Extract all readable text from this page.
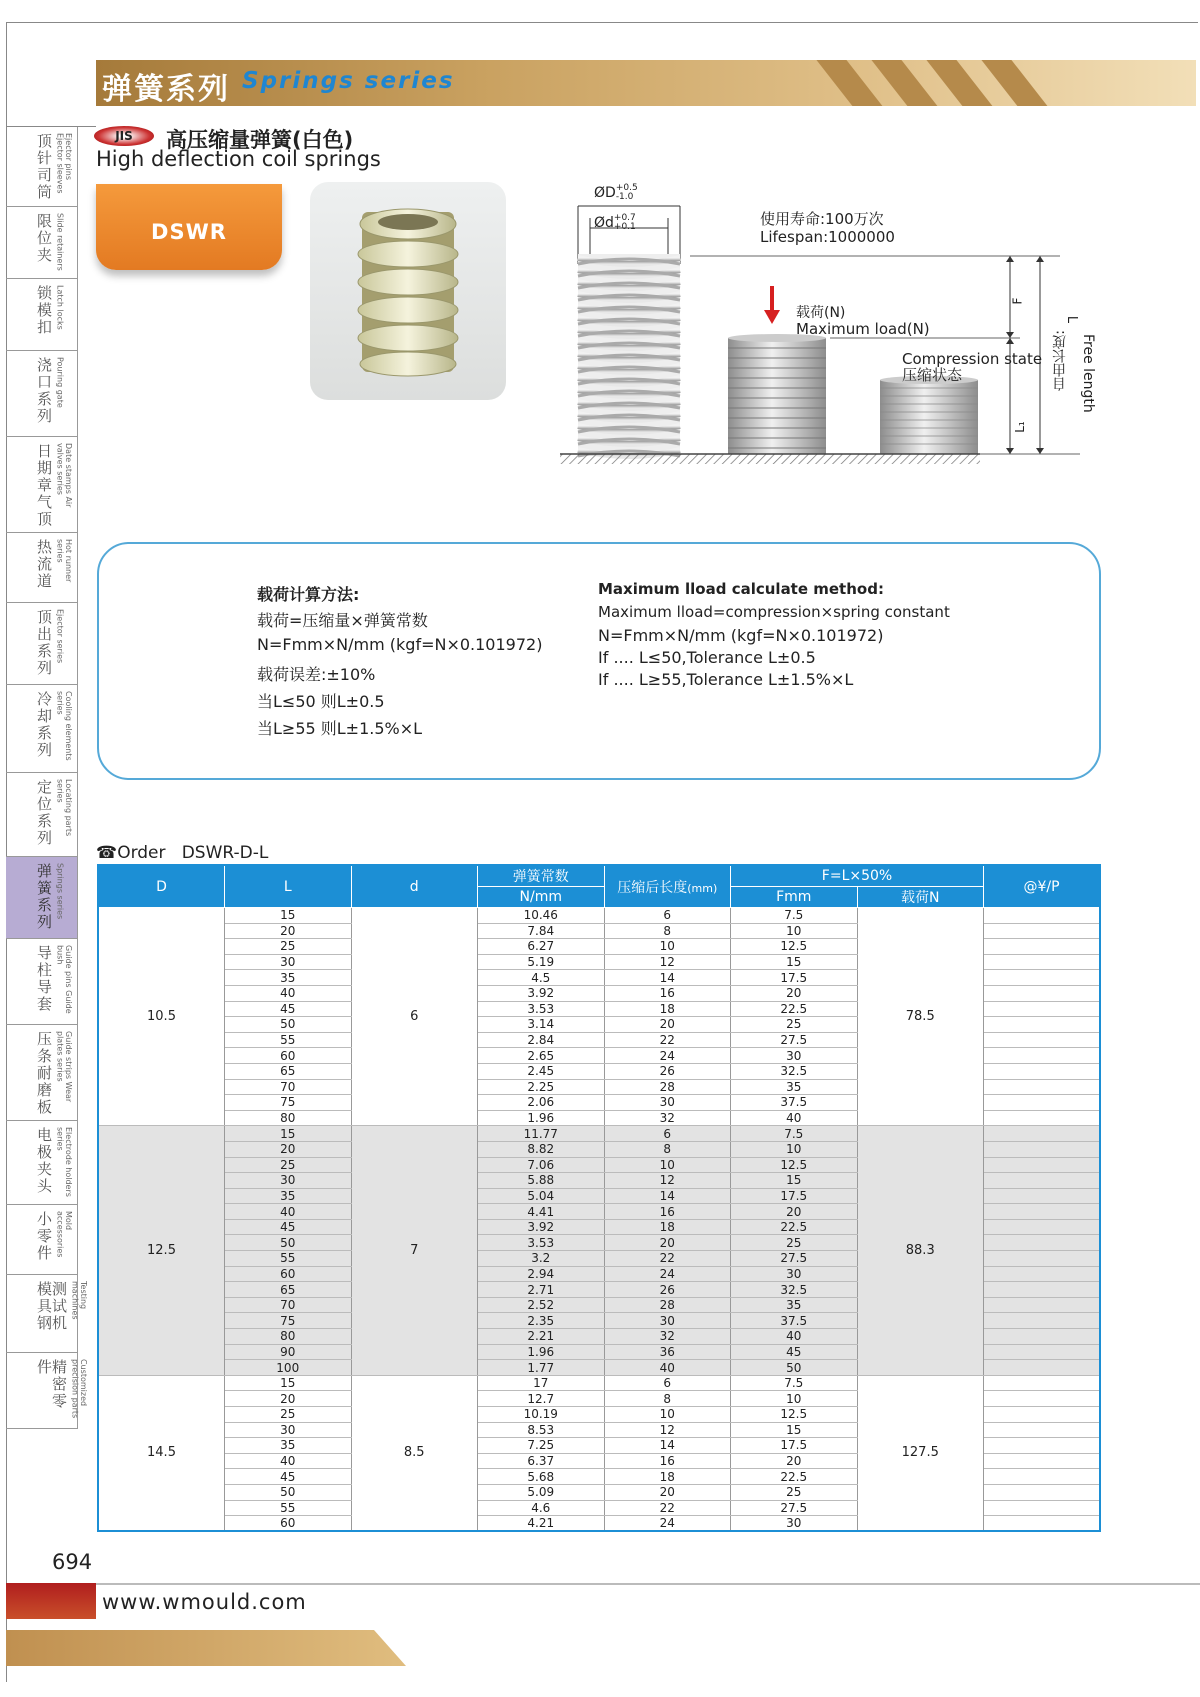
弹簧系列 Springs series
顶针司筒	Ejector pins Ejector sleeves
限位夹 Slide retainers
锁模扣 Latch locks
浇口系列 Pouring gate
日期章气顶	Date stamps Air valves series
热流道	Hot runner series
顶出系列 Ejector series
冷却系列	Cooling elements series
定位系列	Locating parts series
弹簧系列 Springs series
导柱导套	Guide pins Guide bush
压条耐磨板	Guide strips Wear plates series
电极夹头	Electrode holders series
小零件	Mold accessories
测试机模具钢	Testing machines
精密零件	Customized precision parts
JIS	高压缩量弹簧(白色)
High deflection coil springs
DSWR
ØD+0.5
-1.0
Ød+0.7
+0.1	使用寿命:100万次
Lifespan:1000000
载荷(N)
Maximum load(N)
Compression state
压缩状态
F
L₁
L
自由长度: Free length
载荷计算方法:
载荷=压缩量×弹簧常数
N=Fmm×N/mm (kgf=N×0.101972)
载荷误差:±10%
当L≤50 则L±0.5
当L≥55 则L±1.5%×L
Maximum lload calculate method:
Maximum lload=compression×spring constant
N=Fmm×N/mm (kgf=N×0.101972)
If .... L≤50,Tolerance L±0.5
If .... L≥55,Tolerance L±1.5%×L
☎Order DSWR-D-L
D	L	d	弹簧常数	压缩后长度(mm)	F=L×50%		@¥/P
			N/mm		Fmm	载荷N	
10.5	15	6	10.46	6	7.5	78.5	
	20		7.84	8	10		
	25		6.27	10	12.5		
	30		5.19	12	15		
	35		4.5	14	17.5		
	40		3.92	16	20		
	45		3.53	18	22.5		
	50		3.14	20	25		
	55		2.84	22	27.5		
	60		2.65	24	30		
	65		2.45	26	32.5		
	70		2.25	28	35		
	75		2.06	30	37.5		
	80		1.96	32	40		
12.5	15	7	11.77	6	7.5	88.3	
	20		8.82	8	10		
	25		7.06	10	12.5		
	30		5.88	12	15		
	35		5.04	14	17.5		
	40		4.41	16	20		
	45		3.92	18	22.5		
	50		3.53	20	25		
	55		3.2	22	27.5		
	60		2.94	24	30		
	65		2.71	26	32.5		
	70		2.52	28	35		
	75		2.35	30	37.5		
	80		2.21	32	40		
	90		1.96	36	45		
	100		1.77	40	50		
14.5	15	8.5	17	6	7.5	127.5	
	20		12.7	8	10		
	25		10.19	10	12.5		
	30		8.53	12	15		
	35		7.25	14	17.5		
	40		6.37	16	20		
	45		5.68	18	22.5		
	50		5.09	20	25		
	55		4.6	22	27.5		
	60		4.21	24	30		
694
www.wmould.com
